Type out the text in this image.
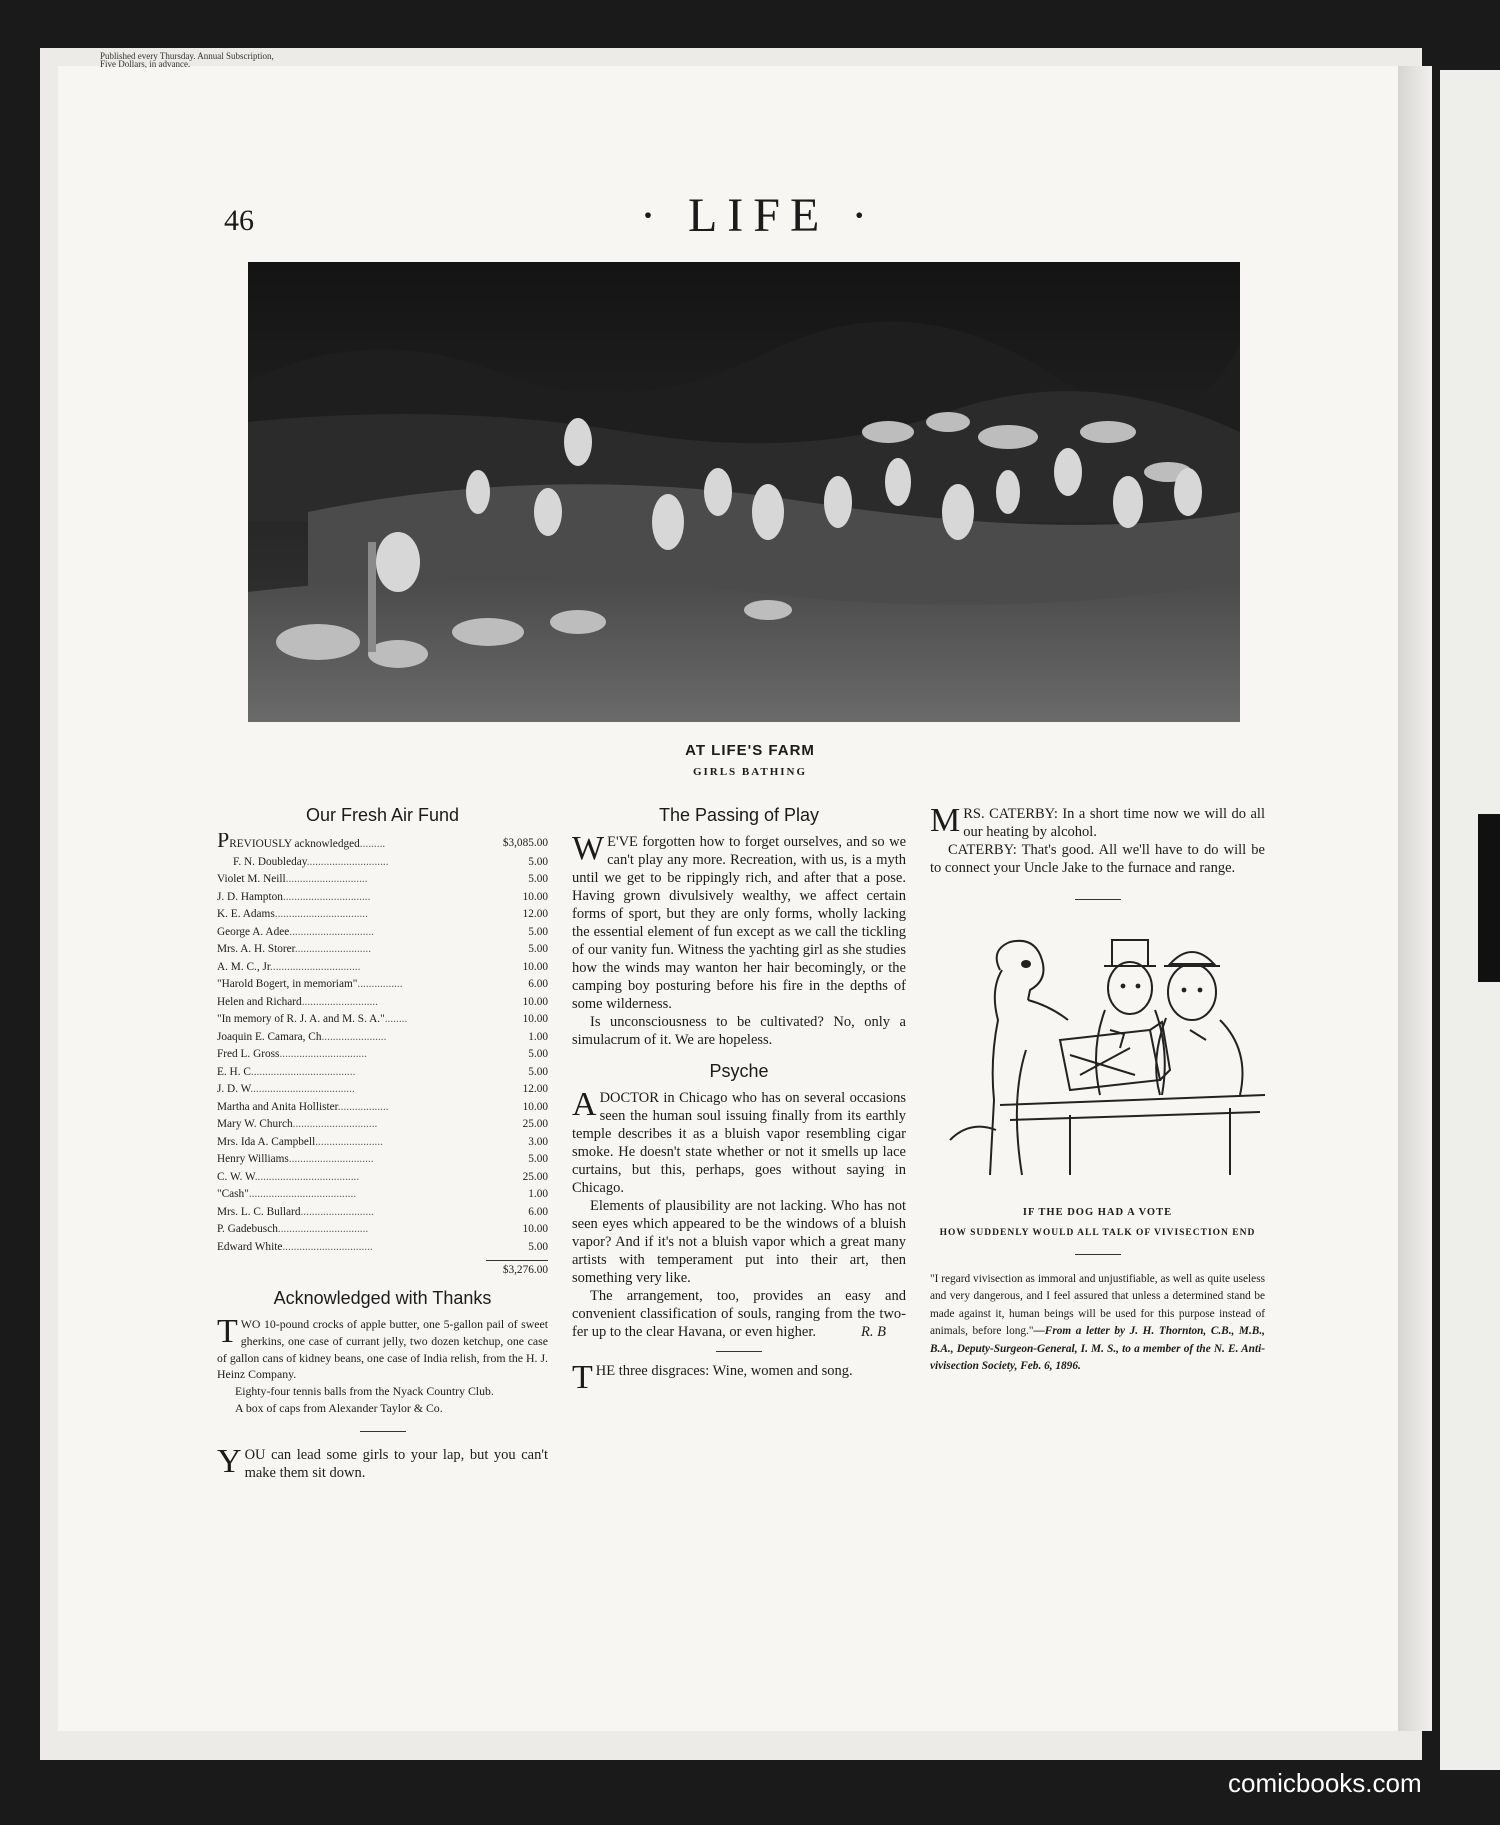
Published every Thursday. Annual Subscription,
Five Dollars, in advance.
46	· LIFE ·
AT LIFE'S FARM
GIRLS BATHING
Our Fresh Air Fund
PREVIOUSLY acknowledged.........	$3,085.00
F. N. Doubleday.............................	5.00
Violet M. Neill.............................	5.00
J. D. Hampton...............................	10.00
K. E. Adams.................................	12.00
George A. Adee..............................	5.00
Mrs. A. H. Storer...........................	5.00
A. M. C., Jr................................	10.00
"Harold Bogert, in memoriam"................	6.00
Helen and Richard...........................	10.00
"In memory of R. J. A. and M. S. A."........	10.00
Joaquin E. Camara, Ch.......................	1.00
Fred L. Gross...............................	5.00
E. H. C.....................................	5.00
J. D. W.....................................	12.00
Martha and Anita Hollister..................	10.00
Mary W. Church..............................	25.00
Mrs. Ida A. Campbell........................	3.00
Henry Williams..............................	5.00
C. W. W.....................................	25.00
"Cash"......................................	1.00
Mrs. L. C. Bullard..........................	6.00
P. Gadebusch................................	10.00
Edward White................................	5.00
$3,276.00
Acknowledged with Thanks

TWO 10-pound crocks of apple butter, one 5-gallon pail of sweet gherkins, one case of currant jelly, two dozen ketchup, one case of gallon cans of kidney beans, one case of India relish, from the H. J. Heinz Company.

Eighty-four tennis balls from the Nyack Country Club.

A box of caps from Alexander Taylor & Co.

YOU can lead some girls to your lap, but you can't make them sit down.

The Passing of Play

W E'VE forgotten how to forget ourselves, and so we can't play any more. Recreation, with us, is a myth until we get to be rippingly rich, and after that a pose. Having grown divulsively wealthy, we affect certain forms of sport, but they are only forms, wholly lacking the essential element of fun except as we call the tickling of our vanity fun. Witness the yachting girl as she studies how the winds may wanton her hair becomingly, or the camping boy posturing before his fire in the depths of some wilderness.

Is unconsciousness to be cultivated? No, only a simulacrum of it. We are hopeless.

Psyche

ADOCTOR in Chicago who has on several occasions seen the human soul issuing finally from its earthly temple describes it as a bluish vapor resembling cigar smoke. He doesn't state whether or not it smells up lace curtains, but this, perhaps, goes without saying in Chicago.

Elements of plausibility are not lacking. Who has not seen eyes which appeared to be the windows of a bluish vapor? And if it's not a bluish vapor which a great many artists with temperament put into their art, then something very like.

The arrangement, too, provides an easy and convenient classification of souls, ranging from the two-fer up to the clear Havana, or even higher.	R. B

THE three disgraces: Wine, women and song.

MRS. CATERBY: In a short time now we will do all our heating by alcohol.

CATERBY: That's good. All we'll have to do will be to connect your Uncle Jake to the furnace and range.

IF THE DOG HAD A VOTE
HOW SUDDENLY WOULD ALL TALK OF VIVISECTION END

"I regard vivisection as immoral and unjustifiable, as well as quite useless and very dangerous, and I feel assured that unless a determined stand be made against it, human beings will be used for this purpose instead of animals, before long."—From a letter by J. H. Thornton, C.B., M.B., B.A., Deputy-Surgeon-General, I. M. S., to a member of the N. E. Anti-vivisection Society, Feb. 6, 1896.

comicbooks.com
